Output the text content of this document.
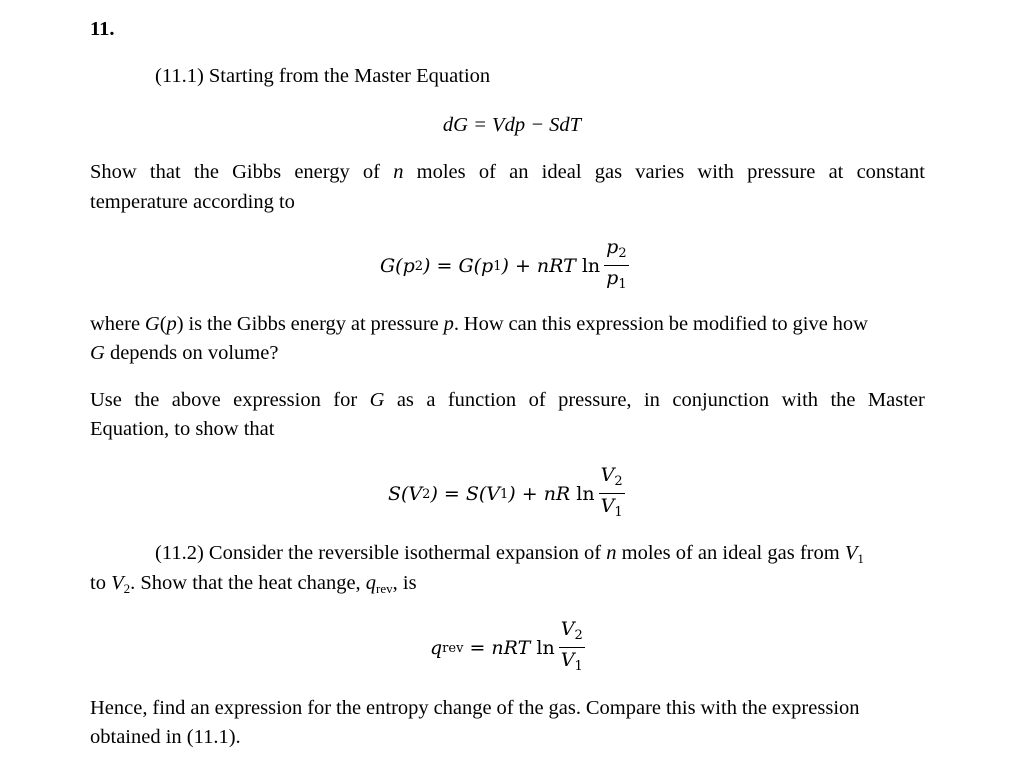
11.
(11.1) Starting from the Master Equation
dG = Vdp − SdT
Show that the Gibbs energy of n moles of an ideal gas varies with pressure at constant
temperature according to
G(p 2 ) = G(p 1 ) + nRT
$\ln \frac{p_2}{p_1}$
where G(p) is the Gibbs energy at pressure p. How can this expression be modified to give how
G depends on volume?
Use the above expression for G as a function of pressure, in conjunction with the Master
Equation, to show that
S(V 2 ) = S(V 1 ) + nR
$\ln \frac{V_2}{V_1}$
(11.2) Consider the reversible isothermal expansion of n moles of an ideal gas from $V_1$
to $V_2$. Show that the heat change, $q_{rev}$, is
q rev = nRT
$\ln \frac{V_2}{V_1}$
Hence, find an expression for the entropy change of the gas. Compare this with the expression
obtained in (11.1).
